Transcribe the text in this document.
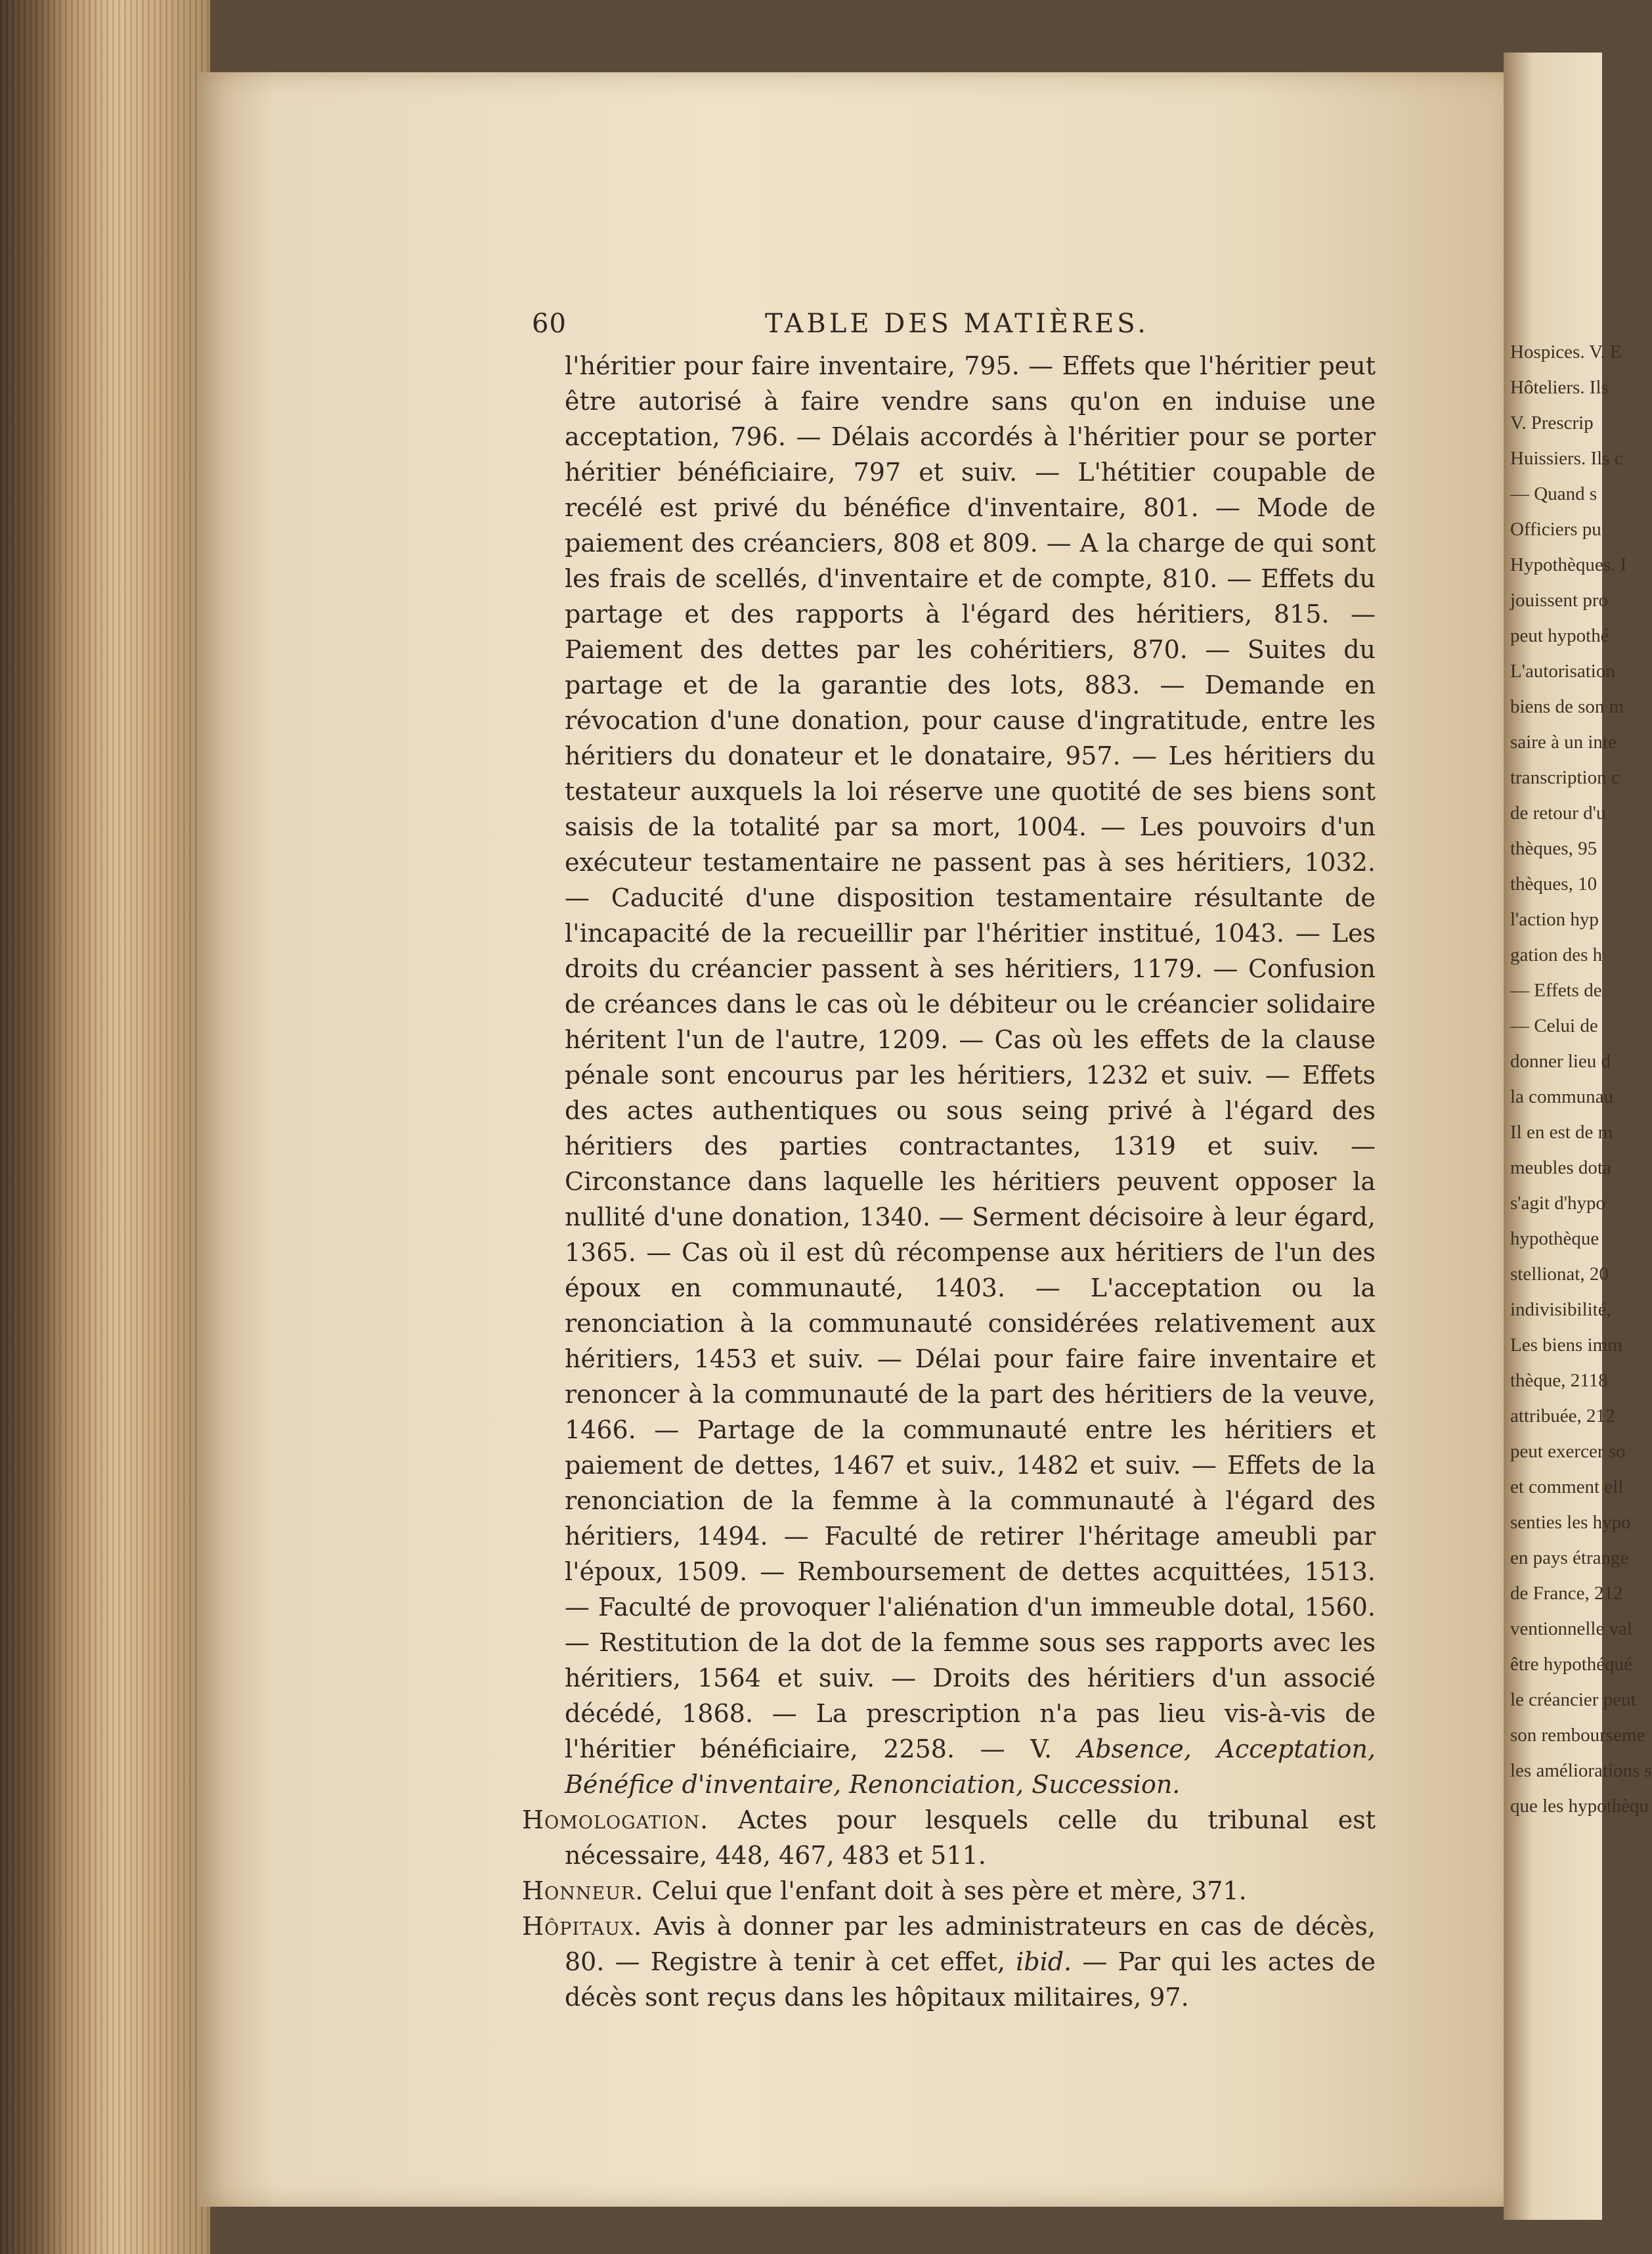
Hospices. V. E
Hôteliers. Ils
V. Prescrip
Huissiers. Ils c
— Quand s
Officiers pu
Hypothèques. I
jouissent pro
peut hypothé
L'autorisation
biens de son m
saire à un inte
transcription c
de retour d'u
thèques, 95
thèques, 10
l'action hyp
gation des h
— Effets de
— Celui de
donner lieu d
la communau
Il en est de m
meubles dota
s'agit d'hypo
hypothèque
stellionat, 20
indivisibilité,
Les biens imm
thèque, 2118
attribuée, 212
peut exercer so
et comment ell
senties les hypo
en pays étrange
de France, 212
ventionnelle val
être hypothéqué
le créancier peut
son rembourseme
les améliorations s
que les hypothèqu
60	TABLE DES MATIÈRES.

l'héritier pour faire inventaire, 795. — Effets que l'héritier peut être autorisé à faire vendre sans qu'on en induise une acceptation, 796. — Délais accordés à l'héritier pour se porter héritier bénéficiaire, 797 et suiv. — L'hétitier coupable de recélé est privé du bénéfice d'inventaire, 801. — Mode de paiement des créanciers, 808 et 809. — A la charge de qui sont les frais de scellés, d'inventaire et de compte, 810. — Effets du partage et des rapports à l'égard des héritiers, 815. — Paiement des dettes par les cohéritiers, 870. — Suites du partage et de la garantie des lots, 883. — Demande en révocation d'une donation, pour cause d'ingratitude, entre les héritiers du donateur et le donataire, 957. — Les héritiers du testateur auxquels la loi réserve une quotité de ses biens sont saisis de la totalité par sa mort, 1004. — Les pouvoirs d'un exécuteur testamentaire ne passent pas à ses héritiers, 1032. — Caducité d'une disposition testamentaire résultante de l'incapacité de la recueillir par l'héritier institué, 1043. — Les droits du créancier passent à ses héritiers, 1179. — Confusion de créances dans le cas où le débiteur ou le créancier solidaire héritent l'un de l'autre, 1209. — Cas où les effets de la clause pénale sont encourus par les héritiers, 1232 et suiv. — Effets des actes authentiques ou sous seing privé à l'égard des héritiers des parties contractantes, 1319 et suiv. — Circonstance dans laquelle les héritiers peuvent opposer la nullité d'une donation, 1340. — Serment décisoire à leur égard, 1365. — Cas où il est dû récompense aux héritiers de l'un des époux en communauté, 1403. — L'acceptation ou la renonciation à la communauté considérées relativement aux héritiers, 1453 et suiv. — Délai pour faire faire inventaire et renoncer à la communauté de la part des héritiers de la veuve, 1466. — Partage de la communauté entre les héritiers et paiement de dettes, 1467 et suiv., 1482 et suiv. — Effets de la renonciation de la femme à la communauté à l'égard des héritiers, 1494. — Faculté de retirer l'héritage ameubli par l'époux, 1509. — Remboursement de dettes acquittées, 1513. — Faculté de provoquer l'aliénation d'un immeuble dotal, 1560. — Restitution de la dot de la femme sous ses rapports avec les héritiers, 1564 et suiv. — Droits des héritiers d'un associé décédé, 1868. — La prescription n'a pas lieu vis-à-vis de l'héritier bénéficiaire, 2258. — V. Absence, Acceptation, Bénéfice d'inventaire, Renonciation, Succession.

Homologation. Actes pour lesquels celle du tribunal est nécessaire, 448, 467, 483 et 511.

Honneur. Celui que l'enfant doit à ses père et mère, 371.

Hôpitaux. Avis à donner par les administrateurs en cas de décès, 80. — Registre à tenir à cet effet, ibid. — Par qui les actes de décès sont reçus dans les hôpitaux militaires, 97.
